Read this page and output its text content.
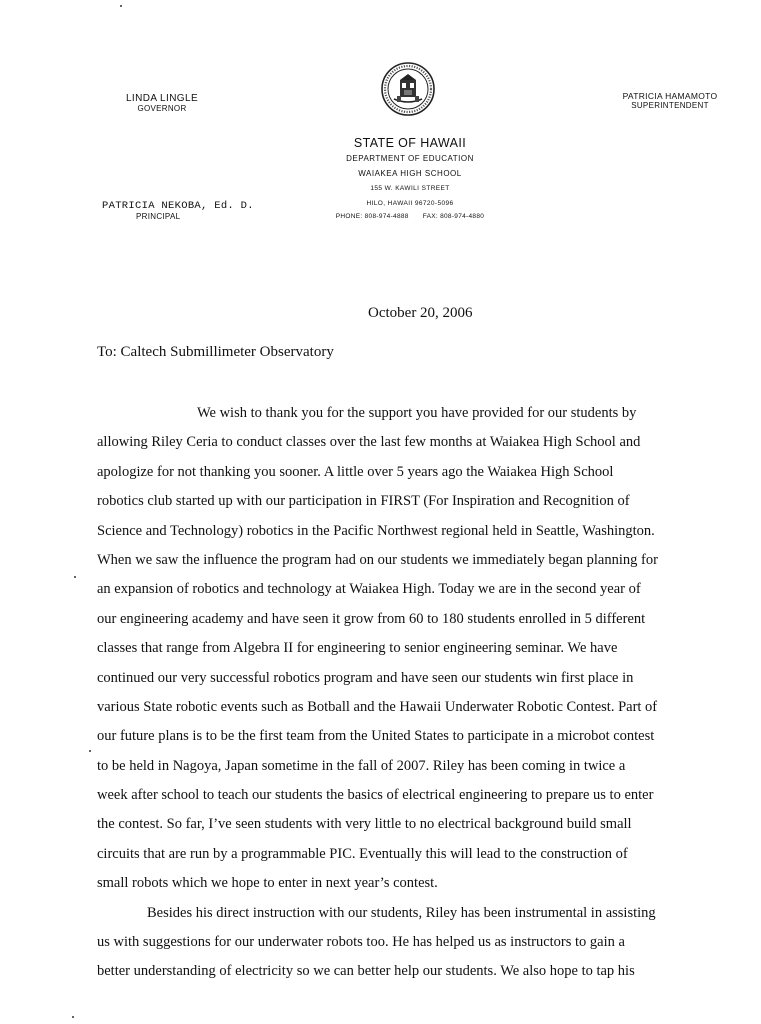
LINDA LINGLE
GOVERNOR
PATRICIA HAMAMOTO
SUPERINTENDENT
PATRICIA NEKOBA, Ed. D.
PRINCIPAL
STATE OF HAWAII
DEPARTMENT OF EDUCATION
WAIAKEA HIGH SCHOOL
155 W. KAWILI STREET
HILO, HAWAII 96720-5096
PHONE: 808-974-4888 FAX: 808-974-4880
October 20, 2006
To: Caltech Submillimeter Observatory
We wish to thank you for the support you have provided for our students by
allowing Riley Ceria to conduct classes over the last few months at Waiakea High School and
apologize for not thanking you sooner. A little over 5 years ago the Waiakea High School
robotics club started up with our participation in FIRST (For Inspiration and Recognition of
Science and Technology) robotics in the Pacific Northwest regional held in Seattle, Washington.
When we saw the influence the program had on our students we immediately began planning for
an expansion of robotics and technology at Waiakea High. Today we are in the second year of
our engineering academy and have seen it grow from 60 to 180 students enrolled in 5 different
classes that range from Algebra II for engineering to senior engineering seminar. We have
continued our very successful robotics program and have seen our students win first place in
various State robotic events such as Botball and the Hawaii Underwater Robotic Contest. Part of
our future plans is to be the first team from the United States to participate in a microbot contest
to be held in Nagoya, Japan sometime in the fall of 2007. Riley has been coming in twice a
week after school to teach our students the basics of electrical engineering to prepare us to enter
the contest. So far, I’ve seen students with very little to no electrical background build small
circuits that are run by a programmable PIC. Eventually this will lead to the construction of
small robots which we hope to enter in next year’s contest.
Besides his direct instruction with our students, Riley has been instrumental in assisting
us with suggestions for our underwater robots too. He has helped us as instructors to gain a
better understanding of electricity so we can better help our students. We also hope to tap his
